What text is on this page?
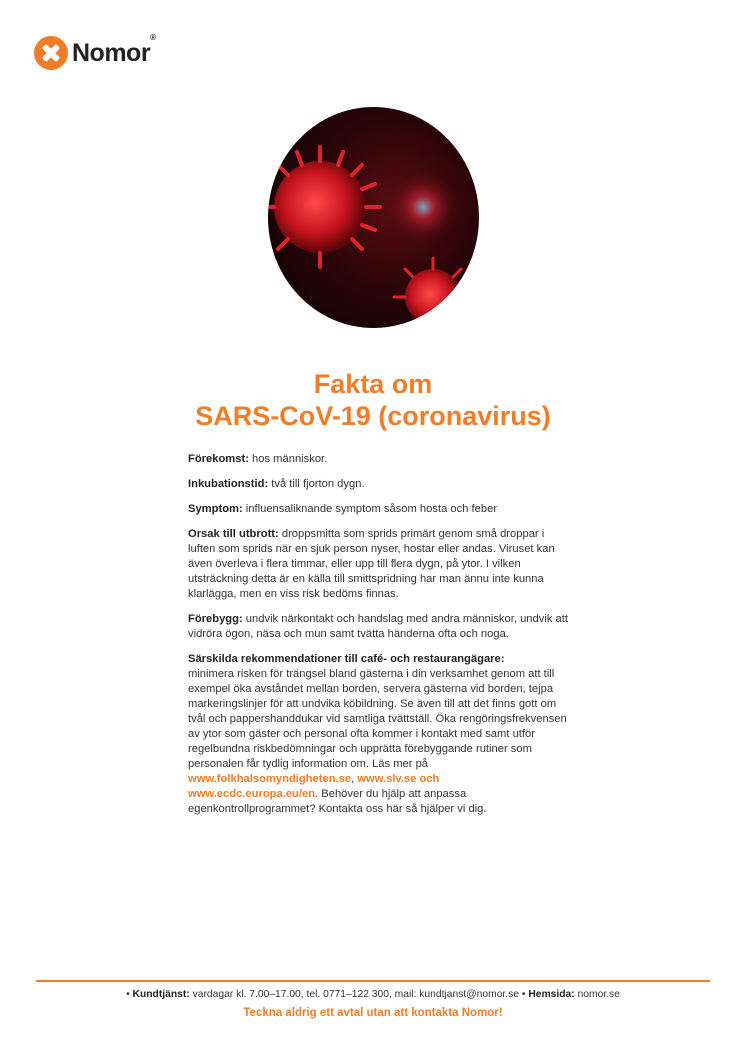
Nomor®
Fakta om
SARS-CoV-19 (coronavirus)

Förekomst: hos människor.

Inkubationstid: två till fjorton dygn.

Symptom: influensaliknande symptom såsom hosta och feber

Orsak till utbrott: droppsmitta som sprids primärt genom små droppar i luften som sprids när en sjuk person nyser, hostar eller andas. Viruset kan även överleva i flera timmar, eller upp till flera dygn, på ytor. I vilken utsträckning detta är en källa till smittspridning har man ännu inte kunna klarlägga, men en viss risk bedöms finnas.

Förebygg: undvik närkontakt och handslag med andra människor, undvik att vidröra ögon, näsa och mun samt tvätta händerna ofta och noga.

Särskilda rekommendationer till café- och restaurangägare:
minimera risken för trängsel bland gästerna i din verksamhet genom att till exempel öka avståndet mellan borden, servera gästerna vid borden, tejpa markeringslinjer för att undvika köbildning. Se även till att det finns gott om tvål och pappershanddukar vid samtliga tvättställ. Öka rengöringsfrekvensen av ytor som gäster och personal ofta kommer i kontakt med samt utför regelbundna riskbedömningar och upprätta förebyggande rutiner som personalen får tydlig information om. Läs mer på www.folkhalsomyndigheten.se, www.slv.se och www.ecdc.europa.eu/en. Behöver du hjälp att anpassa egenkontrollprogrammet? Kontakta oss här så hjälper vi dig.

• Kundtjänst: vardagar kl. 7.00–17.00, tel. 0771–122 300, mail: kundtjanst@nomor.se • Hemsida: nomor.se
Teckna aldrig ett avtal utan att kontakta Nomor!
